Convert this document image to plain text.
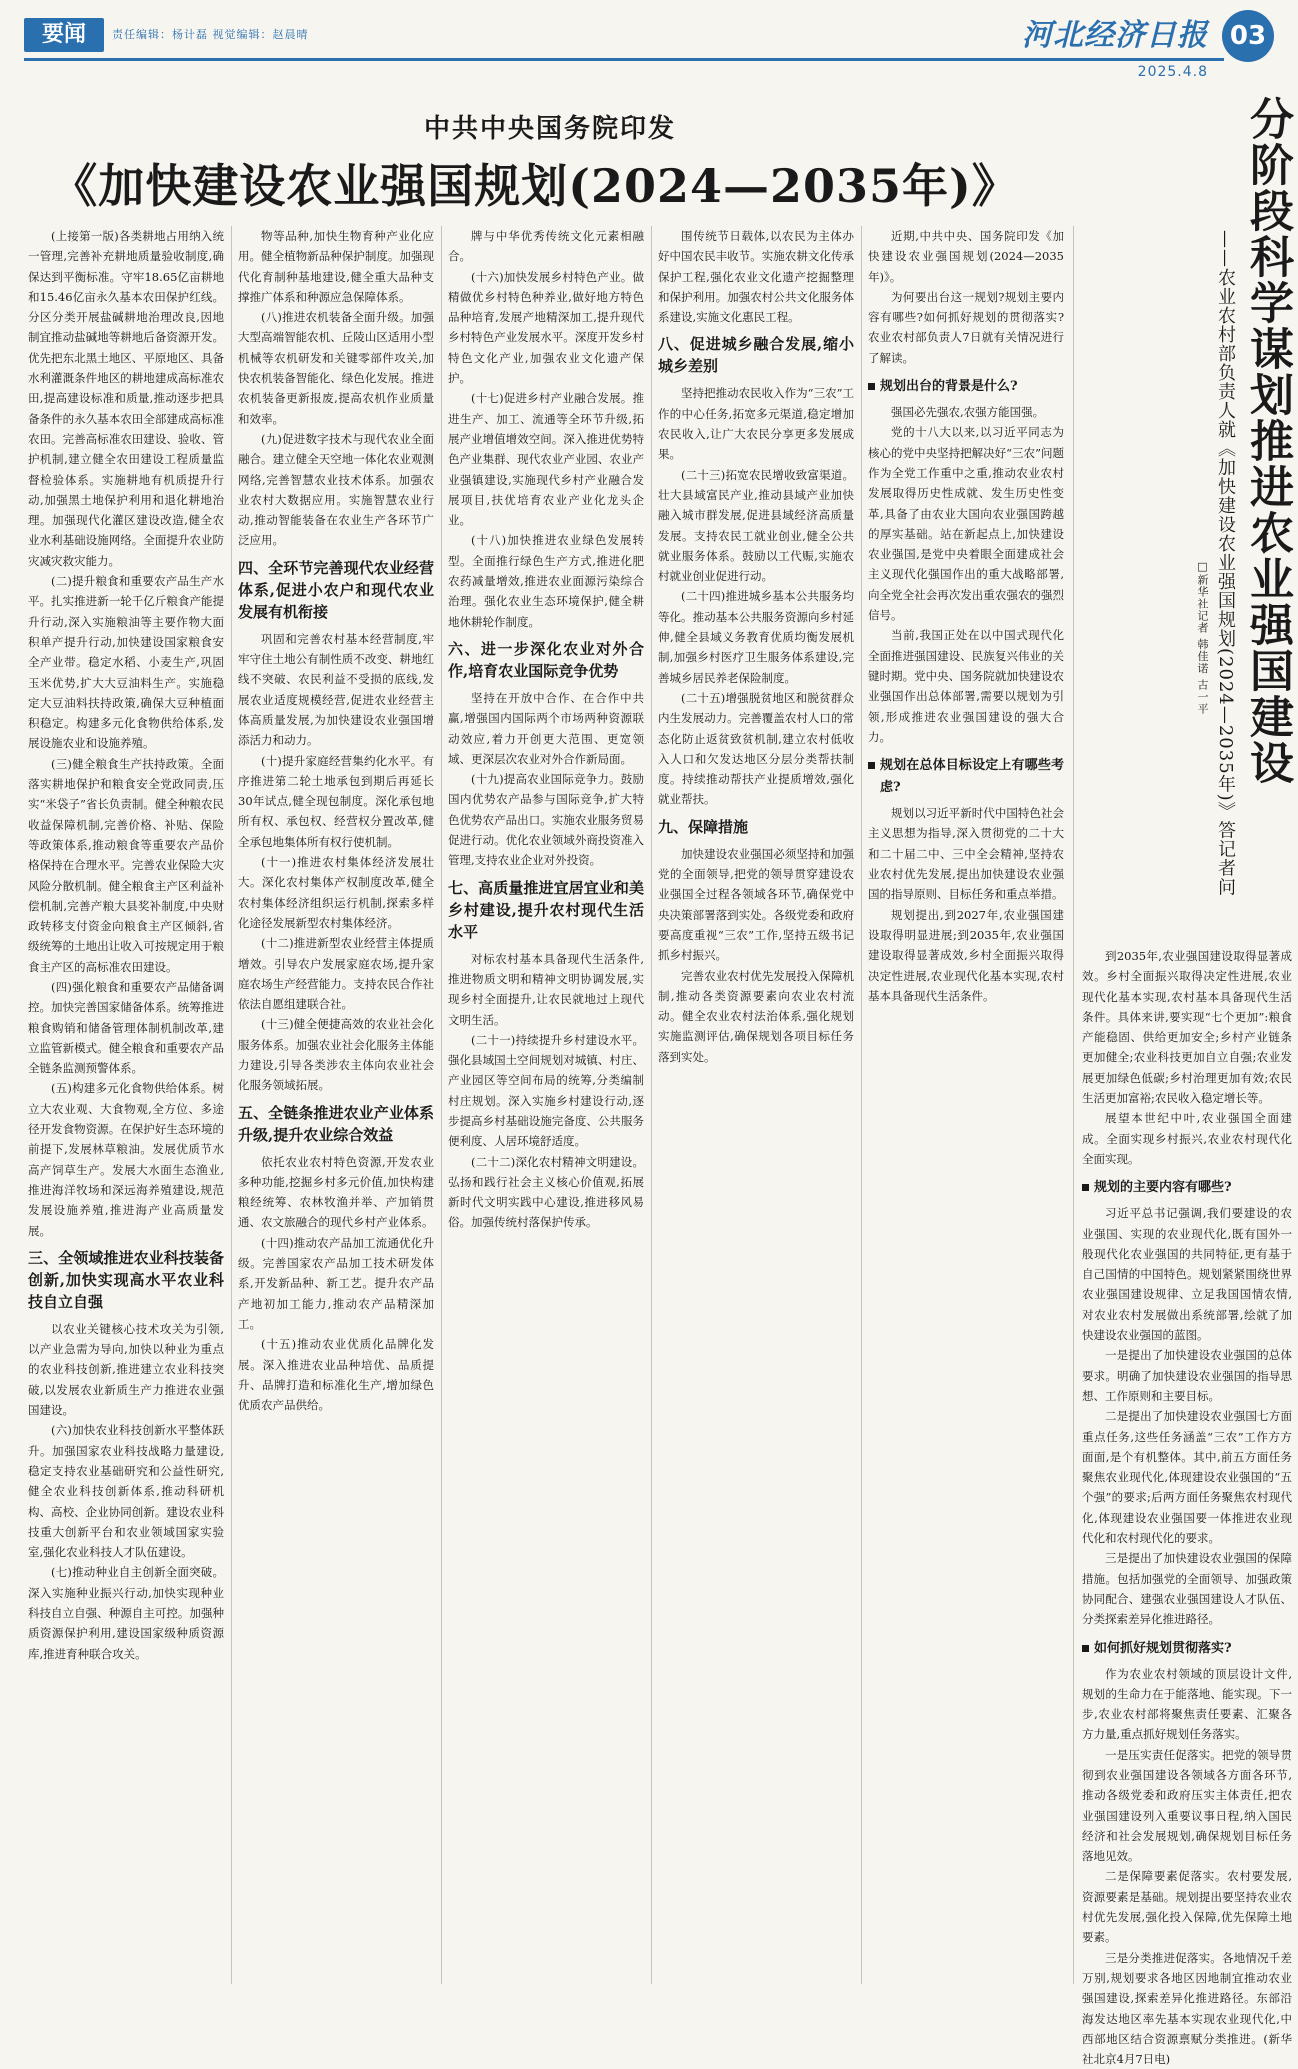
要闻	责任编辑：杨计磊 视觉编辑：赵晨晴	河北经济日报 03
2025.4.8
中共中央国务院印发
《加快建设农业强国规划(2024—2035年)》

(上接第一版)各类耕地占用纳入统一管理,完善补充耕地质量验收制度,确保达到平衡标准。守牢18.65亿亩耕地和15.46亿亩永久基本农田保护红线。分区分类开展盐碱耕地治理改良,因地制宜推动盐碱地等耕地后备资源开发。优先把东北黑土地区、平原地区、具备水利灌溉条件地区的耕地建成高标准农田,提高建设标准和质量,推动逐步把具备条件的永久基本农田全部建成高标准农田。完善高标准农田建设、验收、管护机制,建立健全农田建设工程质量监督检验体系。实施耕地有机质提升行动,加强黑土地保护利用和退化耕地治理。加强现代化灌区建设改造,健全农业水利基础设施网络。全面提升农业防灾减灾救灾能力。

(二)提升粮食和重要农产品生产水平。扎实推进新一轮千亿斤粮食产能提升行动,深入实施粮油等主要作物大面积单产提升行动,加快建设国家粮食安全产业带。稳定水稻、小麦生产,巩固玉米优势,扩大大豆油料生产。实施稳定大豆油料扶持政策,确保大豆种植面积稳定。构建多元化食物供给体系,发展设施农业和设施养殖。

(三)健全粮食生产扶持政策。全面落实耕地保护和粮食安全党政同责,压实“米袋子”省长负责制。健全种粮农民收益保障机制,完善价格、补贴、保险等政策体系,推动粮食等重要农产品价格保持在合理水平。完善农业保险大灾风险分散机制。健全粮食主产区利益补偿机制,完善产粮大县奖补制度,中央财政转移支付资金向粮食主产区倾斜,省级统筹的土地出让收入可按规定用于粮食主产区的高标准农田建设。

(四)强化粮食和重要农产品储备调控。加快完善国家储备体系。统筹推进粮食购销和储备管理体制机制改革,建立监管新模式。健全粮食和重要农产品全链条监测预警体系。

(五)构建多元化食物供给体系。树立大农业观、大食物观,全方位、多途径开发食物资源。在保护好生态环境的前提下,发展林草粮油。发展优质节水高产饲草生产。发展大水面生态渔业,推进海洋牧场和深远海养殖建设,规范发展设施养殖,推进海产业高质量发展。

三、全领域推进农业科技装备创新,加快实现高水平农业科技自立自强

以农业关键核心技术攻关为引领,以产业急需为导向,加快以种业为重点的农业科技创新,推进建立农业科技突破,以发展农业新质生产力推进农业强国建设。

(六)加快农业科技创新水平整体跃升。加强国家农业科技战略力量建设,稳定支持农业基础研究和公益性研究,健全农业科技创新体系,推动科研机构、高校、企业协同创新。建设农业科技重大创新平台和农业领域国家实验室,强化农业科技人才队伍建设。

(七)推动种业自主创新全面突破。深入实施种业振兴行动,加快实现种业科技自立自强、种源自主可控。加强种质资源保护利用,建设国家级种质资源库,推进育种联合攻关。

物等品种,加快生物育种产业化应用。健全植物新品种保护制度。加强现代化育制种基地建设,健全重大品种支撑推广体系和种源应急保障体系。

(八)推进农机装备全面升级。加强大型高端智能农机、丘陵山区适用小型机械等农机研发和关键零部件攻关,加快农机装备智能化、绿色化发展。推进农机装备更新报废,提高农机作业质量和效率。

(九)促进数字技术与现代农业全面融合。建立健全天空地一体化农业观测网络,完善智慧农业技术体系。加强农业农村大数据应用。实施智慧农业行动,推动智能装备在农业生产各环节广泛应用。

四、全环节完善现代农业经营体系,促进小农户和现代农业发展有机衔接

巩固和完善农村基本经营制度,牢牢守住土地公有制性质不改变、耕地红线不突破、农民利益不受损的底线,发展农业适度规模经营,促进农业经营主体高质量发展,为加快建设农业强国增添活力和动力。

(十)提升家庭经营集约化水平。有序推进第二轮土地承包到期后再延长30年试点,健全现包制度。深化承包地所有权、承包权、经营权分置改革,健全承包地集体所有权行使机制。

(十一)推进农村集体经济发展壮大。深化农村集体产权制度改革,健全农村集体经济组织运行机制,探索多样化途径发展新型农村集体经济。

(十二)推进新型农业经营主体提质增效。引导农户发展家庭农场,提升家庭农场生产经营能力。支持农民合作社依法自愿组建联合社。

(十三)健全便捷高效的农业社会化服务体系。加强农业社会化服务主体能力建设,引导各类涉农主体向农业社会化服务领域拓展。

五、全链条推进农业产业体系升级,提升农业综合效益

依托农业农村特色资源,开发农业多种功能,挖掘乡村多元价值,加快构建粮经统筹、农林牧渔并举、产加销贯通、农文旅融合的现代乡村产业体系。

(十四)推动农产品加工流通优化升级。完善国家农产品加工技术研发体系,开发新品种、新工艺。提升农产品产地初加工能力,推动农产品精深加工。

(十五)推动农业优质化品牌化发展。深入推进农业品种培优、品质提升、品牌打造和标准化生产,增加绿色优质农产品供给。

牌与中华优秀传统文化元素相融合。

(十六)加快发展乡村特色产业。做精做优乡村特色种养业,做好地方特色品种培育,发展产地精深加工,提升现代乡村特色产业发展水平。深度开发乡村特色文化产业,加强农业文化遗产保护。

(十七)促进乡村产业融合发展。推进生产、加工、流通等全环节升级,拓展产业增值增效空间。深入推进优势特色产业集群、现代农业产业园、农业产业强镇建设,实施现代乡村产业融合发展项目,扶优培育农业产业化龙头企业。

(十八)加快推进农业绿色发展转型。全面推行绿色生产方式,推进化肥农药减量增效,推进农业面源污染综合治理。强化农业生态环境保护,健全耕地休耕轮作制度。

六、进一步深化农业对外合作,培育农业国际竞争优势

坚持在开放中合作、在合作中共赢,增强国内国际两个市场两种资源联动效应,着力开创更大范围、更宽领域、更深层次农业对外合作新局面。

(十九)提高农业国际竞争力。鼓励国内优势农产品参与国际竞争,扩大特色优势农产品出口。实施农业服务贸易促进行动。优化农业领域外商投资准入管理,支持农业企业对外投资。

七、高质量推进宜居宜业和美乡村建设,提升农村现代生活水平

对标农村基本具备现代生活条件,推进物质文明和精神文明协调发展,实现乡村全面提升,让农民就地过上现代文明生活。

(二十一)持续提升乡村建设水平。强化县域国土空间规划对城镇、村庄、产业园区等空间布局的统筹,分类编制村庄规划。深入实施乡村建设行动,逐步提高乡村基础设施完备度、公共服务便利度、人居环境舒适度。

(二十二)深化农村精神文明建设。弘扬和践行社会主义核心价值观,拓展新时代文明实践中心建设,推进移风易俗。加强传统村落保护传承。

围传统节日载体,以农民为主体办好中国农民丰收节。实施农耕文化传承保护工程,强化农业文化遗产挖掘整理和保护利用。加强农村公共文化服务体系建设,实施文化惠民工程。

八、促进城乡融合发展,缩小城乡差别

坚持把推动农民收入作为“三农”工作的中心任务,拓宽多元渠道,稳定增加农民收入,让广大农民分享更多发展成果。

(二十三)拓宽农民增收致富渠道。壮大县域富民产业,推动县域产业加快融入城市群发展,促进县域经济高质量发展。支持农民工就业创业,健全公共就业服务体系。鼓励以工代赈,实施农村就业创业促进行动。

(二十四)推进城乡基本公共服务均等化。推动基本公共服务资源向乡村延伸,健全县域义务教育优质均衡发展机制,加强乡村医疗卫生服务体系建设,完善城乡居民养老保险制度。

(二十五)增强脱贫地区和脱贫群众内生发展动力。完善覆盖农村人口的常态化防止返贫致贫机制,建立农村低收入人口和欠发达地区分层分类帮扶制度。持续推动帮扶产业提质增效,强化就业帮扶。

九、保障措施

加快建设农业强国必须坚持和加强党的全面领导,把党的领导贯穿建设农业强国全过程各领域各环节,确保党中央决策部署落到实处。各级党委和政府要高度重视“三农”工作,坚持五级书记抓乡村振兴。

完善农业农村优先发展投入保障机制,推动各类资源要素向农业农村流动。健全农业农村法治体系,强化规划实施监测评估,确保规划各项目标任务落到实处。

近期,中共中央、国务院印发《加快建设农业强国规划(2024—2035年)》。

为何要出台这一规划?规划主要内容有哪些?如何抓好规划的贯彻落实?农业农村部负责人7日就有关情况进行了解读。

规划出台的背景是什么?

强国必先强农,农强方能国强。

党的十八大以来,以习近平同志为核心的党中央坚持把解决好“三农”问题作为全党工作重中之重,推动农业农村发展取得历史性成就、发生历史性变革,具备了由农业大国向农业强国跨越的厚实基础。站在新起点上,加快建设农业强国,是党中央着眼全面建成社会主义现代化强国作出的重大战略部署,向全党全社会再次发出重农强农的强烈信号。

当前,我国正处在以中国式现代化全面推进强国建设、民族复兴伟业的关键时期。党中央、国务院就加快建设农业强国作出总体部署,需要以规划为引领,形成推进农业强国建设的强大合力。

规划在总体目标设定上有哪些考虑?

规划以习近平新时代中国特色社会主义思想为指导,深入贯彻党的二十大和二十届二中、三中全会精神,坚持农业农村优先发展,提出加快建设农业强国的指导原则、目标任务和重点举措。

规划提出,到2027年,农业强国建设取得明显进展;到2035年,农业强国建设取得显著成效,乡村全面振兴取得决定性进展,农业现代化基本实现,农村基本具备现代生活条件。

分阶段科学谋划推进农业强国建设
——农业农村部负责人就《加快建设农业强国规划(2024—2035年)》答记者问
□新华社记者 韩佳诺 古一平

到2035年,农业强国建设取得显著成效。乡村全面振兴取得决定性进展,农业现代化基本实现,农村基本具备现代生活条件。具体来讲,要实现“七个更加”:粮食产能稳固、供给更加安全;乡村产业链条更加健全;农业科技更加自立自强;农业发展更加绿色低碳;乡村治理更加有效;农民生活更加富裕;农民收入稳定增长等。

展望本世纪中叶,农业强国全面建成。全面实现乡村振兴,农业农村现代化全面实现。

规划的主要内容有哪些?

习近平总书记强调,我们要建设的农业强国、实现的农业现代化,既有国外一般现代化农业强国的共同特征,更有基于自己国情的中国特色。规划紧紧围绕世界农业强国建设规律、立足我国国情农情,对农业农村发展做出系统部署,绘就了加快建设农业强国的蓝图。

一是提出了加快建设农业强国的总体要求。明确了加快建设农业强国的指导思想、工作原则和主要目标。

二是提出了加快建设农业强国七方面重点任务,这些任务涵盖“三农”工作方方面面,是个有机整体。其中,前五方面任务聚焦农业现代化,体现建设农业强国的“五个强”的要求;后两方面任务聚焦农村现代化,体现建设农业强国要一体推进农业现代化和农村现代化的要求。

三是提出了加快建设农业强国的保障措施。包括加强党的全面领导、加强政策协同配合、建强农业强国建设人才队伍、分类探索差异化推进路径。

如何抓好规划贯彻落实?

作为农业农村领域的顶层设计文件,规划的生命力在于能落地、能实现。下一步,农业农村部将聚焦责任要素、汇聚各方力量,重点抓好规划任务落实。

一是压实责任促落实。把党的领导贯彻到农业强国建设各领域各方面各环节,推动各级党委和政府压实主体责任,把农业强国建设列入重要议事日程,纳入国民经济和社会发展规划,确保规划目标任务落地见效。

二是保障要素促落实。农村要发展,资源要素是基础。规划提出要坚持农业农村优先发展,强化投入保障,优先保障土地要素。

三是分类推进促落实。各地情况千差万别,规划要求各地区因地制宜推动农业强国建设,探索差异化推进路径。东部沿海发达地区率先基本实现农业现代化,中西部地区结合资源禀赋分类推进。(新华社北京4月7日电)
